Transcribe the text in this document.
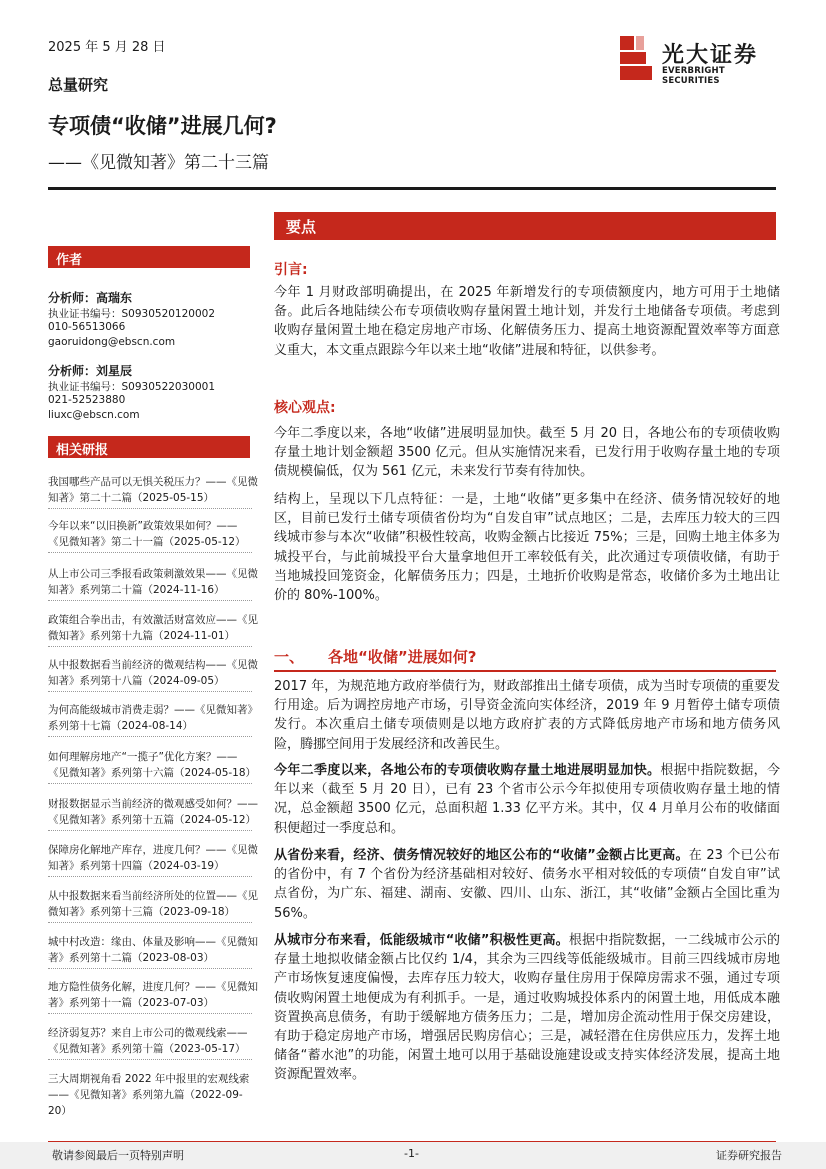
2025 年 5 月 28 日	光大证券
EVERBRIGHT SECURITIES
总量研究
专项债“收储”进展几何?
——《见微知著》第二十三篇
作者
分析师：高瑞东
执业证书编号：S0930520120002
010-56513066
gaoruidong@ebscn.com
分析师：刘星辰
执业证书编号：S0930522030001
021-52523880
liuxc@ebscn.com
相关研报
我国哪些产品可以无惧关税压力？——《见微知著》第二十二篇（2025-05-15）
今年以来“以旧换新”政策效果如何？——《见微知著》第二十一篇（2025-05-12）
从上市公司三季报看政策刺激效果——《见微知著》系列第二十篇（2024-11-16）
政策组合拳出击，有效激活财富效应——《见微知著》系列第十九篇（2024-11-01）
从中报数据看当前经济的微观结构——《见微知著》系列第十八篇（2024-09-05）
为何高能级城市消费走弱？——《见微知著》系列第十七篇（2024-08-14）
如何理解房地产“一揽子”优化方案？——《见微知著》系列第十六篇（2024-05-18）
财报数据显示当前经济的微观感受如何？——《见微知著》系列第十五篇（2024-05-12）
保障房化解地产库存，进度几何？——《见微知著》系列第十四篇（2024-03-19）
从中报数据来看当前经济所处的位置——《见微知著》系列第十三篇（2023-09-18）
城中村改造：缘由、体量及影响——《见微知著》系列第十二篇（2023-08-03）
地方隐性债务化解，进度几何？——《见微知著》系列第十一篇（2023-07-03）
经济弱复苏？来自上市公司的微观线索——《见微知著》系列第十篇（2023-05-17）
三大周期视角看 2022 年中报里的宏观线索——《见微知著》系列第九篇（2022-09-20）
要点
引言:
今年 1 月财政部明确提出，在 2025 年新增发行的专项债额度内，地方可用于土地储备。此后各地陆续公布专项债收购存量闲置土地计划，并发行土地储备专项债。考虑到收购存量闲置土地在稳定房地产市场、化解债务压力、提高土地资源配置效率等方面意义重大，本文重点跟踪今年以来土地“收储”进展和特征，以供参考。
核心观点:
今年二季度以来，各地“收储”进展明显加快。截至 5 月 20 日，各地公布的专项债收购存量土地计划金额超 3500 亿元。但从实施情况来看，已发行用于收购存量土地的专项债规模偏低，仅为 561 亿元，未来发行节奏有待加快。
结构上，呈现以下几点特征：一是，土地“收储”更多集中在经济、债务情况较好的地区，目前已发行土储专项债省份均为“自发自审”试点地区；二是，去库压力较大的三四线城市参与本次“收储”积极性较高，收购金额占比接近 75%；三是，回购土地主体多为城投平台，与此前城投平台大量拿地但开工率较低有关，此次通过专项债收储，有助于当地城投回笼资金，化解债务压力；四是，土地折价收购是常态，收储价多为土地出让价的 80%-100%。
一、 各地“收储”进展如何?
2017 年，为规范地方政府举债行为，财政部推出土储专项债，成为当时专项债的重要发行用途。后为调控房地产市场，引导资金流向实体经济，2019 年 9 月暂停土储专项债发行。本次重启土储专项债则是以地方政府扩表的方式降低房地产市场和地方债务风险，腾挪空间用于发展经济和改善民生。
今年二季度以来，各地公布的专项债收购存量土地进展明显加快。根据中指院数据，今年以来（截至 5 月 20 日），已有 23 个省市公示今年拟使用专项债收购存量土地的情况，总金额超 3500 亿元，总面积超 1.33 亿平方米。其中，仅 4 月单月公布的收储面积便超过一季度总和。
从省份来看，经济、债务情况较好的地区公布的“收储”金额占比更高。在 23 个已公布的省份中，有 7 个省份为经济基础相对较好、债务水平相对较低的专项债“自发自审”试点省份，为广东、福建、湖南、安徽、四川、山东、浙江，其“收储”金额占全国比重为 56%。
从城市分布来看，低能级城市“收储”积极性更高。根据中指院数据，一二线城市公示的存量土地拟收储金额占比仅约 1/4，其余为三四线等低能级城市。目前三四线城市房地产市场恢复速度偏慢，去库存压力较大，收购存量住房用于保障房需求不强，通过专项债收购闲置土地便成为有利抓手。一是，通过收购城投体系内的闲置土地，用低成本融资置换高息债务，有助于缓解地方债务压力；二是，增加房企流动性用于保交房建设，有助于稳定房地产市场，增强居民购房信心；三是，减轻潜在住房供应压力，发挥土地储备“蓄水池”的功能，闲置土地可以用于基础设施建设或支持实体经济发展，提高土地资源配置效率。
敬请参阅最后一页特别声明	-1-	证券研究报告
